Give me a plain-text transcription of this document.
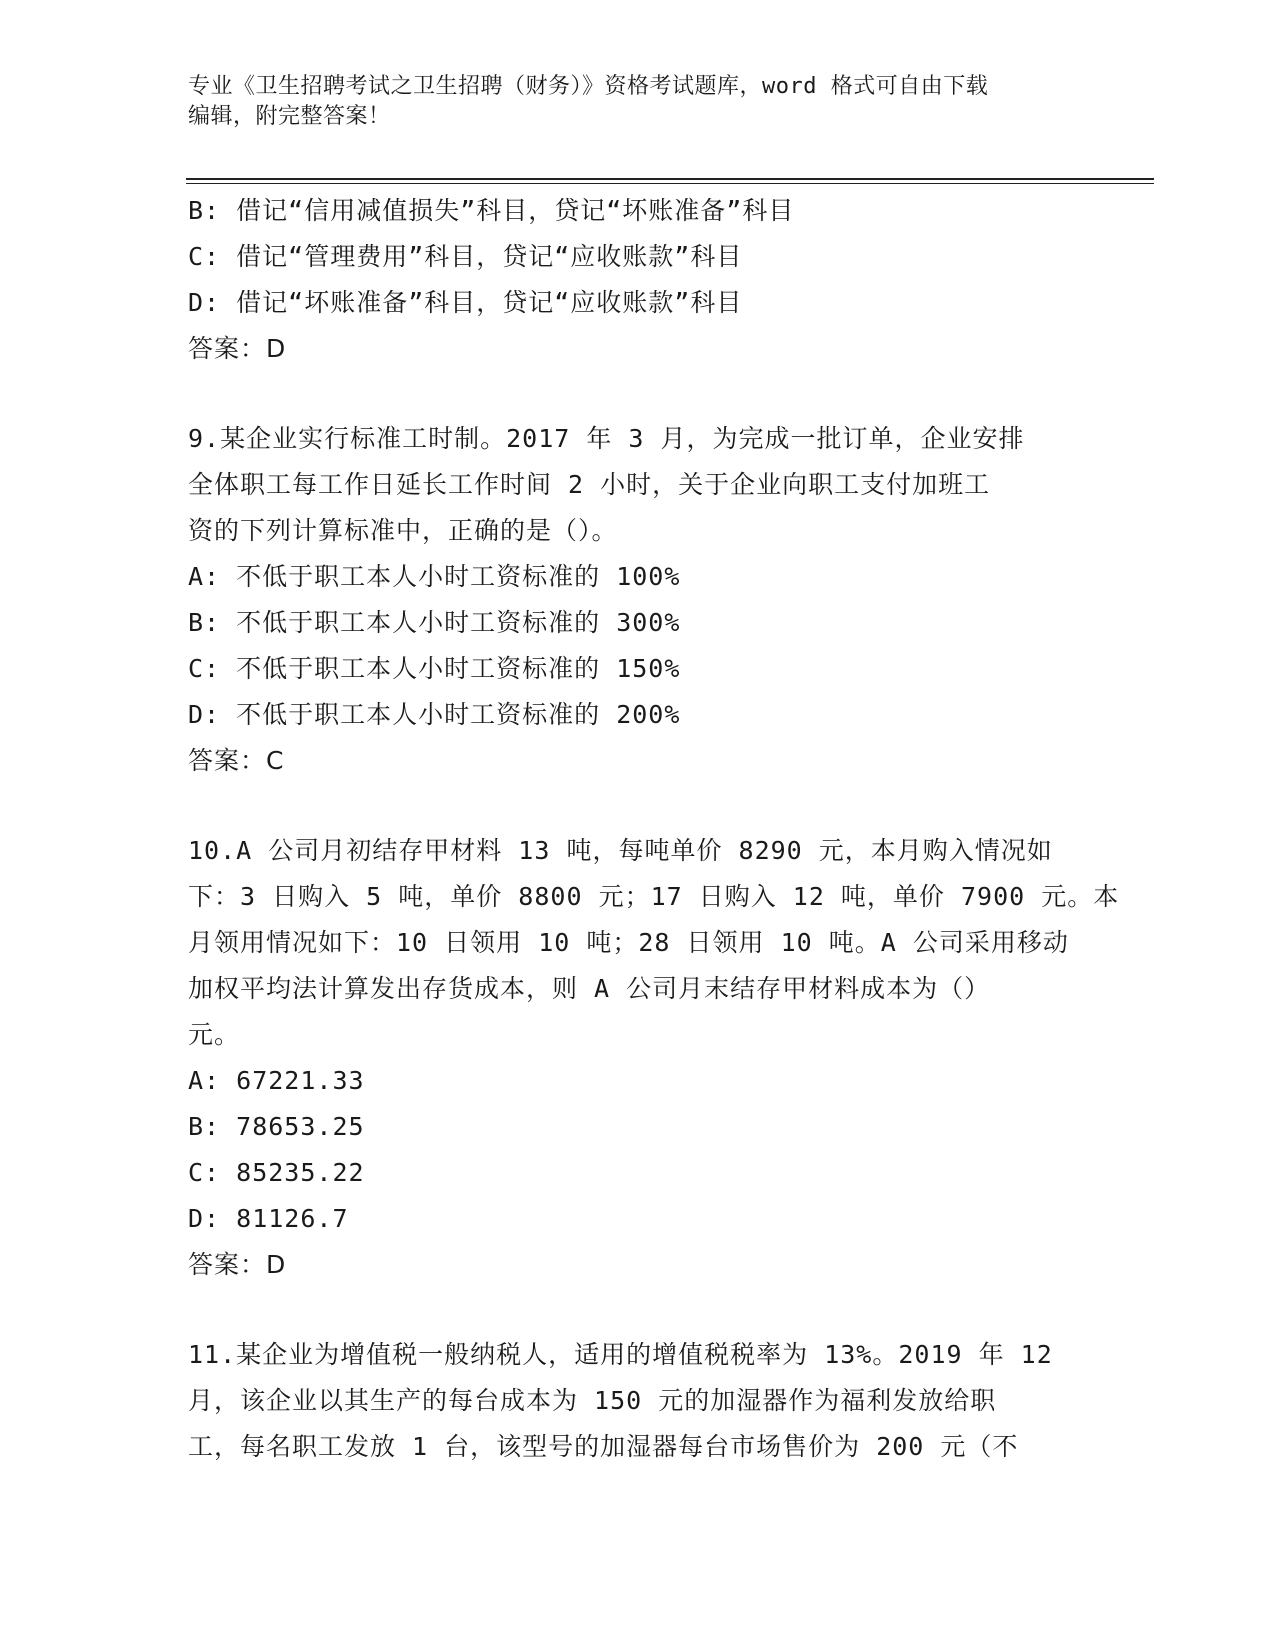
专业《卫生招聘考试之卫生招聘（财务）》资格考试题库，word 格式可自由下载
编辑，附完整答案！
B: 借记“信用减值损失”科目，贷记“坏账准备”科目
C: 借记“管理费用”科目，贷记“应收账款”科目
D: 借记“坏账准备”科目，贷记“应收账款”科目
答案：D
9.某企业实行标准工时制。2017 年 3 月，为完成一批订单，企业安排
全体职工每工作日延长工作时间 2 小时，关于企业向职工支付加班工
资的下列计算标准中，正确的是（）。
A: 不低于职工本人小时工资标准的 100%
B: 不低于职工本人小时工资标准的 300%
C: 不低于职工本人小时工资标准的 150%
D: 不低于职工本人小时工资标准的 200%
答案：C
10.A 公司月初结存甲材料 13 吨，每吨单价 8290 元，本月购入情况如
下：3 日购入 5 吨，单价 8800 元；17 日购入 12 吨，单价 7900 元。本
月领用情况如下：10 日领用 10 吨；28 日领用 10 吨。A 公司采用移动
加权平均法计算发出存货成本，则 A 公司月末结存甲材料成本为（）
元。
A: 67221.33
B: 78653.25
C: 85235.22
D: 81126.7
答案：D
11.某企业为增值税一般纳税人，适用的增值税税率为 13%。2019 年 12
月，该企业以其生产的每台成本为 150 元的加湿器作为福利发放给职
工，每名职工发放 1 台，该型号的加湿器每台市场售价为 200 元（不
